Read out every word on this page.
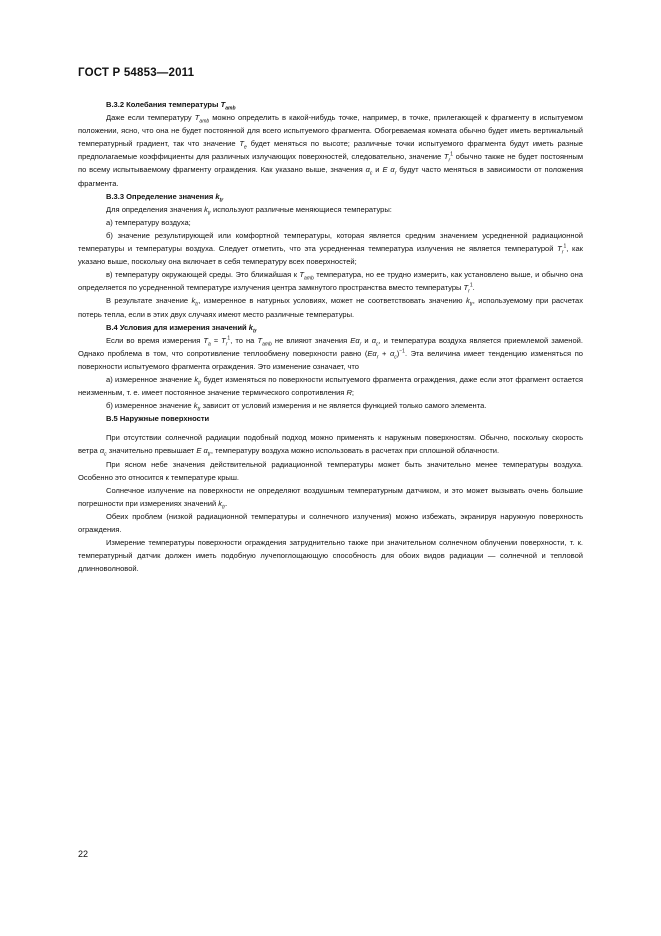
ГОСТ Р 54853—2011

В.3.2 Колебания температуры $T_{amb}$

Даже если температуру $T_{amb}$ можно определить в какой-нибудь точке, например, в точке, прилегающей к фрагменту в испытуемом положении, ясно, что она не будет постоянной для всего испытуемого фрагмента. Обогреваемая комната обычно будет иметь вертикальный температурный градиент, так что значение $T_e$ будет меняться по высоте; различные точки испытуемого фрагмента будут иметь разные предполагаемые коэффициенты для различных излучающих поверхностей, следовательно, значение $T_r^1$ обычно также не будет постоянным по всему испытываемому фрагменту ограждения. Как указано выше, значения $\alpha_c$ и E $\alpha_r$ будут часто меняться в зависимости от положения фрагмента.

В.3.3 Определение значения $k_{tr}$

Для определения значения $k_{tr}$ используют различные меняющиеся температуры:

а) температуру воздуха;

б) значение результирующей или комфортной температуры, которая является средним значением усредненной радиационной температуры и температуры воздуха. Следует отметить, что эта усредненная температура излучения не является температурой $T_r^1$, как указано выше, поскольку она включает в себя температуру всех поверхностей;

в) температуру окружающей среды. Это ближайшая к $T_{amb}$ температура, но ее трудно измерить, как установлено выше, и обычно она определяется по усредненной температуре излучения центра замкнутого пространства вместо температуры $T_r^1$.

В результате значение $k_{tr}$, измеренное в натурных условиях, может не соответствовать значению $k_{tr}$, используемому при расчетах потерь тепла, если в этих двух случаях имеют место различные температуры.

В.4 Условия для измерения значений $k_{tr}$

Если во время измерения $T_a \approx T_r^1$, то на $T_{amb}$ не влияют значения $E\alpha_r$ и $\alpha_c$, и температура воздуха является приемлемой заменой. Однако проблема в том, что сопротивление теплообмену поверхности равно $(E\alpha_r + \alpha_c)^{-1}$. Эта величина имеет тенденцию изменяться по поверхности испытуемого фрагмента ограждения. Это изменение означает, что

а) измеренное значение $k_{tr}$ будет изменяться по поверхности испытуемого фрагмента ограждения, даже если этот фрагмент остается неизменным, т. е. имеет постоянное значение термического сопротивления R;

б) измеренное значение $k_{tr}$ зависит от условий измерения и не является функцией только самого элемента.

В.5 Наружные поверхности

При отсутствии солнечной радиации подобный подход можно применять к наружным поверхностям. Обычно, поскольку скорость ветра $\alpha_c$ значительно превышает E $\alpha_{tr}$, температуру воздуха можно использовать в расчетах при сплошной облачности.

При ясном небе значения действительной радиационной температуры может быть значительно менее температуры воздуха. Особенно это относится к температуре крыш.

Солнечное излучение на поверхности не определяют воздушным температурным датчиком, и это может вызывать очень большие погрешности при измерениях значений $k_{tr}$.

Обеих проблем (низкой радиационной температуры и солнечного излучения) можно избежать, экранируя наружную поверхность ограждения.

Измерение температуры поверхности ограждения затруднительно также при значительном солнечном облучении поверхности, т. к. температурный датчик должен иметь подобную лучепоглощающую способность для обоих видов радиации — солнечной и тепловой длинноволновой.

22
